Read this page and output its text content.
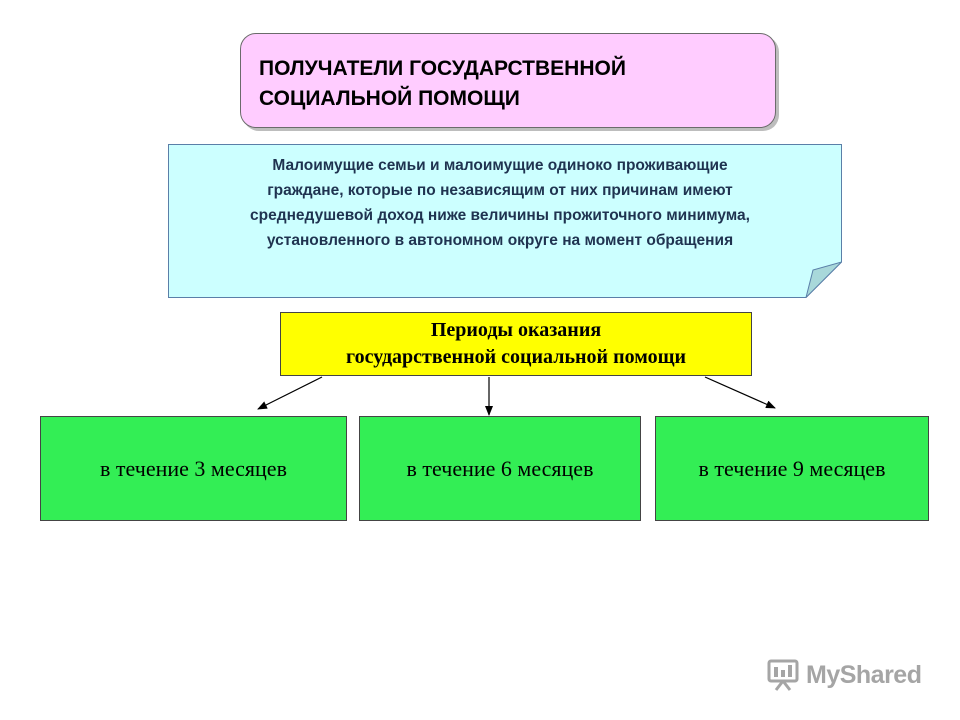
ПОЛУЧАТЕЛИ ГОСУДАРСТВЕННОЙ
СОЦИАЛЬНОЙ ПОМОЩИ
Малоимущие семьи и малоимущие одиноко проживающие
граждане, которые по независящим от них причинам имеют
среднедушевой доход ниже величины прожиточного минимума,
установленного в автономном округе на момент обращения
Периоды оказания
государственной социальной помощи
в течение 3 месяцев	в течение 6 месяцев	в течение 9 месяцев
MyShared
